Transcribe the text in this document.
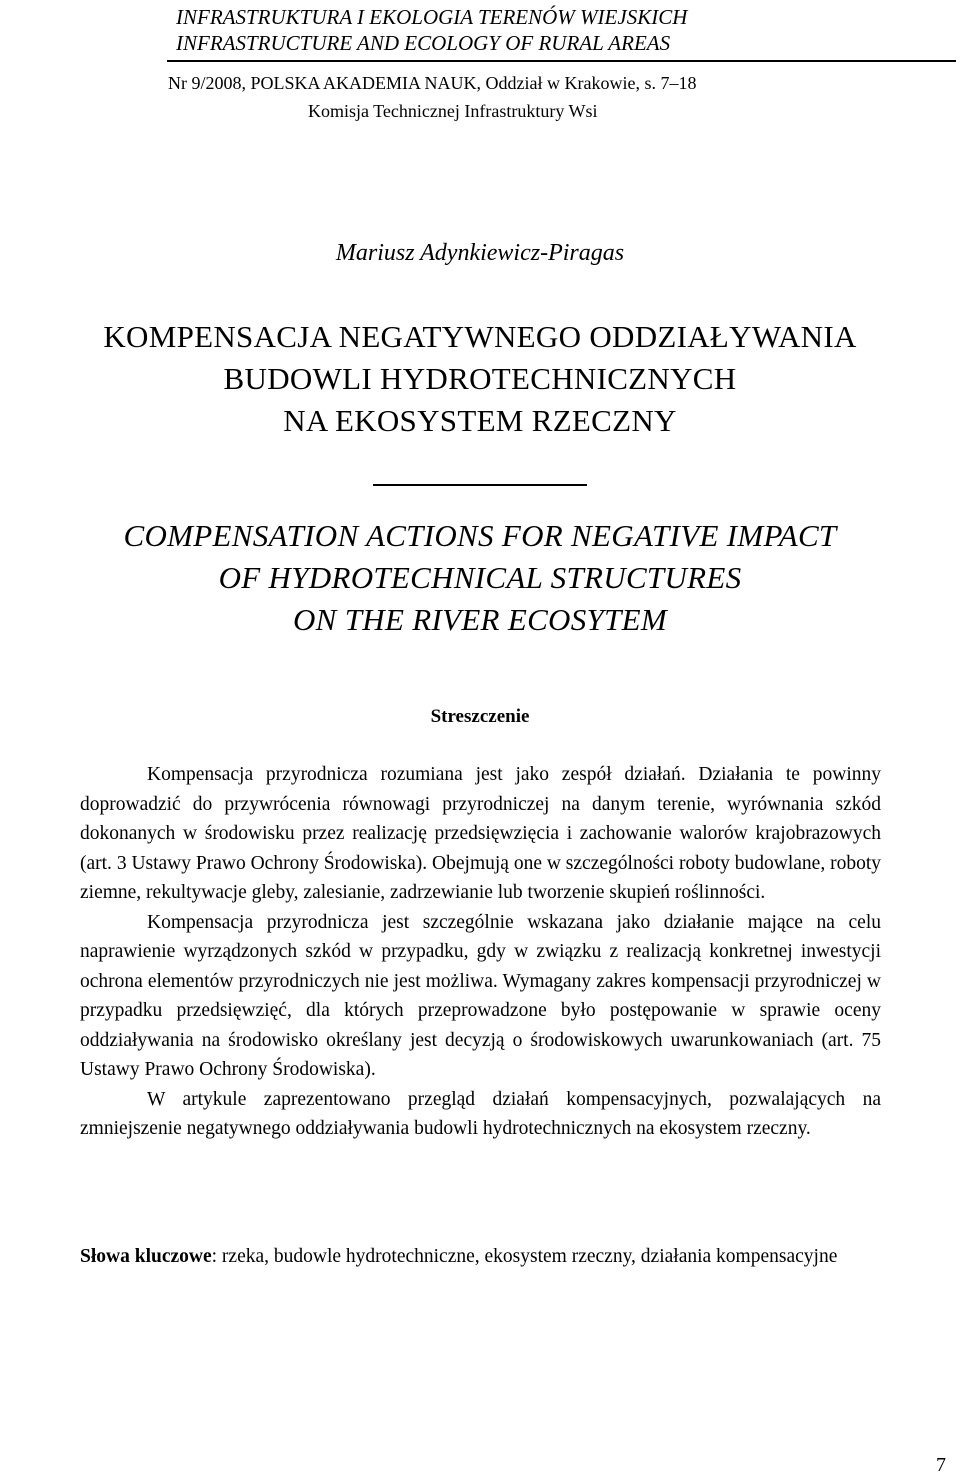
INFRASTRUKTURA I EKOLOGIA TERENÓW WIEJSKICH
INFRASTRUCTURE AND ECOLOGY OF RURAL AREAS
Nr 9/2008, POLSKA AKADEMIA NAUK, Oddział w Krakowie, s. 7–18
Komisja Technicznej Infrastruktury Wsi
Mariusz Adynkiewicz-Piragas
KOMPENSACJA NEGATYWNEGO ODDZIAŁYWANIA
BUDOWLI HYDROTECHNICZNYCH
NA EKOSYSTEM RZECZNY
COMPENSATION ACTIONS FOR NEGATIVE IMPACT
OF HYDROTECHNICAL STRUCTURES
ON THE RIVER ECOSYTEM
Streszczenie

Kompensacja przyrodnicza rozumiana jest jako zespół działań. Działania te powinny doprowadzić do przywrócenia równowagi przyrodniczej na danym terenie, wyrównania szkód dokonanych w środowisku przez realizację przedsięwzięcia i zachowanie walorów krajobrazowych (art. 3 Ustawy Prawo Ochrony Środowiska). Obejmują one w szczególności roboty budowlane, roboty ziemne, rekultywacje gleby, zalesianie, zadrzewianie lub tworzenie skupień roślinności.

Kompensacja przyrodnicza jest szczególnie wskazana jako działanie mające na celu naprawienie wyrządzonych szkód w przypadku, gdy w związku z realizacją konkretnej inwestycji ochrona elementów przyrodniczych nie jest możliwa. Wymagany zakres kompensacji przyrodniczej w przypadku przedsięwzięć, dla których przeprowadzone było postępowanie w sprawie oceny oddziaływania na środowisko określany jest decyzją o środowiskowych uwarunkowaniach (art. 75 Ustawy Prawo Ochrony Środowiska).

W artykule zaprezentowano przegląd działań kompensacyjnych, pozwalających na zmniejszenie negatywnego oddziaływania budowli hydrotechnicznych na ekosystem rzeczny.

Słowa kluczowe: rzeka, budowle hydrotechniczne, ekosystem rzeczny, działania kompensacyjne
7
